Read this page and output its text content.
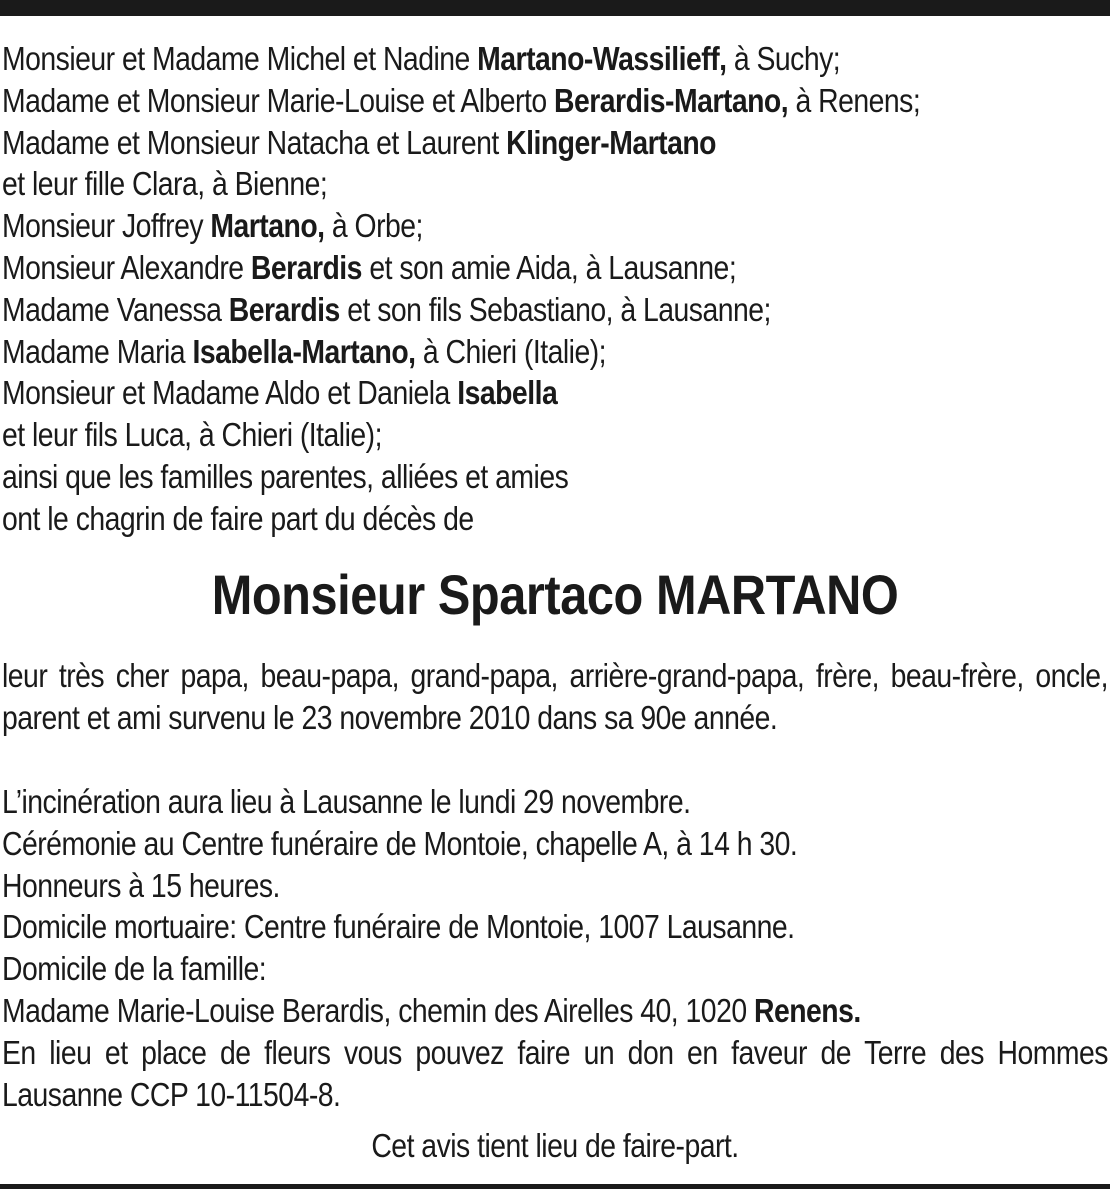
Monsieur et Madame Michel et Nadine Martano-Wassilieff, à Suchy;
Madame et Monsieur Marie-Louise et Alberto Berardis-Martano, à Renens;
Madame et Monsieur Natacha et Laurent Klinger-Martano
et leur fille Clara, à Bienne;
Monsieur Joffrey Martano, à Orbe;
Monsieur Alexandre Berardis et son amie Aida, à Lausanne;
Madame Vanessa Berardis et son fils Sebastiano, à Lausanne;
Madame Maria Isabella-Martano, à Chieri (Italie);
Monsieur et Madame Aldo et Daniela Isabella
et leur fils Luca, à Chieri (Italie);
ainsi que les familles parentes, alliées et amies
ont le chagrin de faire part du décès de
Monsieur Spartaco MARTANO
leur très cher papa, beau-papa, grand-papa, arrière-grand-papa, frère, beau-frère, oncle, parent et ami survenu le 23 novembre 2010 dans sa 90e année.
L’incinération aura lieu à Lausanne le lundi 29 novembre.
Cérémonie au Centre funéraire de Montoie, chapelle A, à 14 h 30.
Honneurs à 15 heures.
Domicile mortuaire: Centre funéraire de Montoie, 1007 Lausanne.
Domicile de la famille:
Madame Marie-Louise Berardis, chemin des Airelles 40, 1020 Renens.
En lieu et place de fleurs vous pouvez faire un don en faveur de Terre des Hommes Lausanne CCP 10-11504-8.
Cet avis tient lieu de faire-part.
